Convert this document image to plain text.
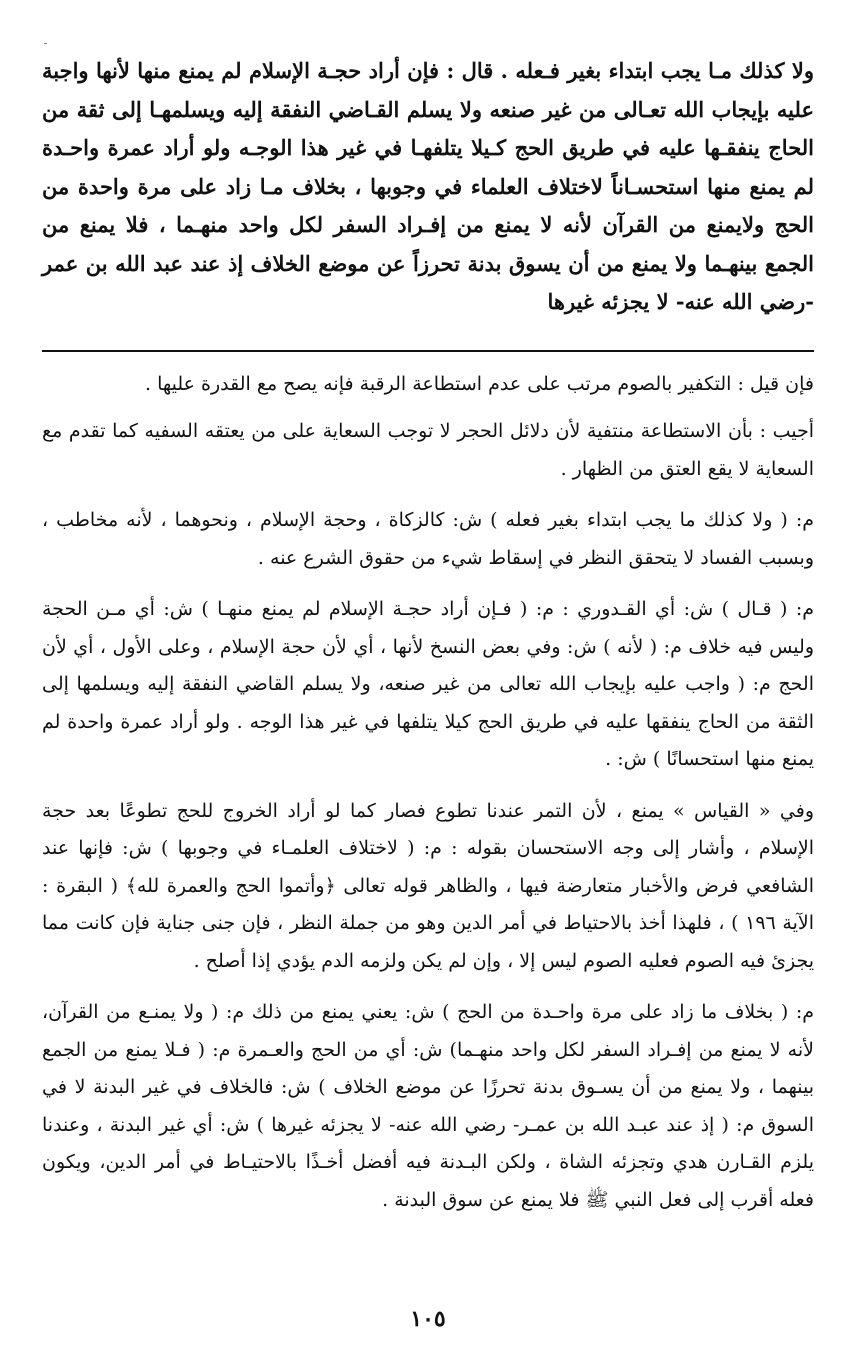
ـ

ولا كذلك مـا يجب ابتداء بغير فـعله . قال : فإن أراد حجـة الإسلام لم يمنع منها لأنها واجبة عليه بإيجاب الله تعـالى من غير صنعه ولا يسلم القـاضي النفقة إليه ويسلمهـا إلى ثقة من الحاج ينفقـها عليه في طريق الحج كـيلا يتلفهـا في غير هذا الوجـه ولو أراد عمرة واحـدة لم يمنع منها استحسـاناً لاختلاف العلماء في وجوبها ، بخلاف مـا زاد على مرة واحدة من الحج ولايمنع من القرآن لأنه لا يمنع من إفـراد السفر لكل واحد منهـما ، فلا يمنع من الجمع بينهـما ولا يمنع من أن يسوق بدنة تحرزاً عن موضع الخلاف إذ عند عبد الله بن عمر -رضي الله عنه- لا يجزئه غيرها

فإن قيل : التكفير بالصوم مرتب على عدم استطاعة الرقبة فإنه يصح مع القدرة عليها .

أجيب : بأن الاستطاعة منتفية لأن دلائل الحجر لا توجب السعاية على من يعتقه السفيه كما تقدم مع السعاية لا يقع العتق من الظهار .

م: ( ولا كذلك ما يجب ابتداء بغير فعله ) ش: كالزكاة ، وحجة الإسلام ، ونحوهما ، لأنه مخاطب ، وبسبب الفساد لا يتحقق النظر في إسقاط شيء من حقوق الشرع عنه .

م: ( قـال ) ش: أي القـدوري : م: ( فـإن أراد حجـة الإسلام لم يمنع منهـا ) ش: أي مـن الحجة وليس فيه خلاف م: ( لأنه ) ش: وفي بعض النسخ لأنها ، أي لأن حجة الإسلام ، وعلى الأول ، أي لأن الحج م: ( واجب عليه بإيجاب الله تعالى من غير صنعه، ولا يسلم القاضي النفقة إليه ويسلمها إلى الثقة من الحاج ينفقها عليه في طريق الحج كيلا يتلفها في غير هذا الوجه . ولو أراد عمرة واحدة لم يمنع منها استحسانًا ) ش: .

وفي « القياس » يمنع ، لأن التمر عندنا تطوع فصار كما لو أراد الخروج للحج تطوعًا بعد حجة الإسلام ، وأشار إلى وجه الاستحسان بقوله : م: ( لاختلاف العلمـاء في وجوبها ) ش: فإنها عند الشافعي فرض والأخبار متعارضة فيها ، والظاهر قوله تعالى ﴿وأتموا الحج والعمرة لله﴾ ( البقرة : الآية ١٩٦ ) ، فلهذا أخذ بالاحتياط في أمر الدين وهو من جملة النظر ، فإن جنى جناية فإن كانت مما يجزئ فيه الصوم فعليه الصوم ليس إلا ، وإن لم يكن ولزمه الدم يؤدي إذا أصلح .

م: ( بخلاف ما زاد على مرة واحـدة من الحج ) ش: يعني يمنع من ذلك م: ( ولا يمنـع من القرآن، لأنه لا يمنع من إفـراد السفر لكل واحد منهـما) ش: أي من الحج والعـمرة م: ( فـلا يمنع من الجمع بينهما ، ولا يمنع من أن يسـوق بدنة تحرزًا عن موضع الخلاف ) ش: فالخلاف في غير البدنة لا في السوق م: ( إذ عند عبـد الله بن عمـر- رضي الله عنه- لا يجزئه غيرها ) ش: أي غير البدنة ، وعندنا يلزم القـارن هدي وتجزئه الشاة ، ولكن البـدنة فيه أفضل أخـذًا بالاحتيـاط في أمر الدين، ويكون فعله أقرب إلى فعل النبي ﷺ فلا يمنع عن سوق البدنة .

١٠٥
